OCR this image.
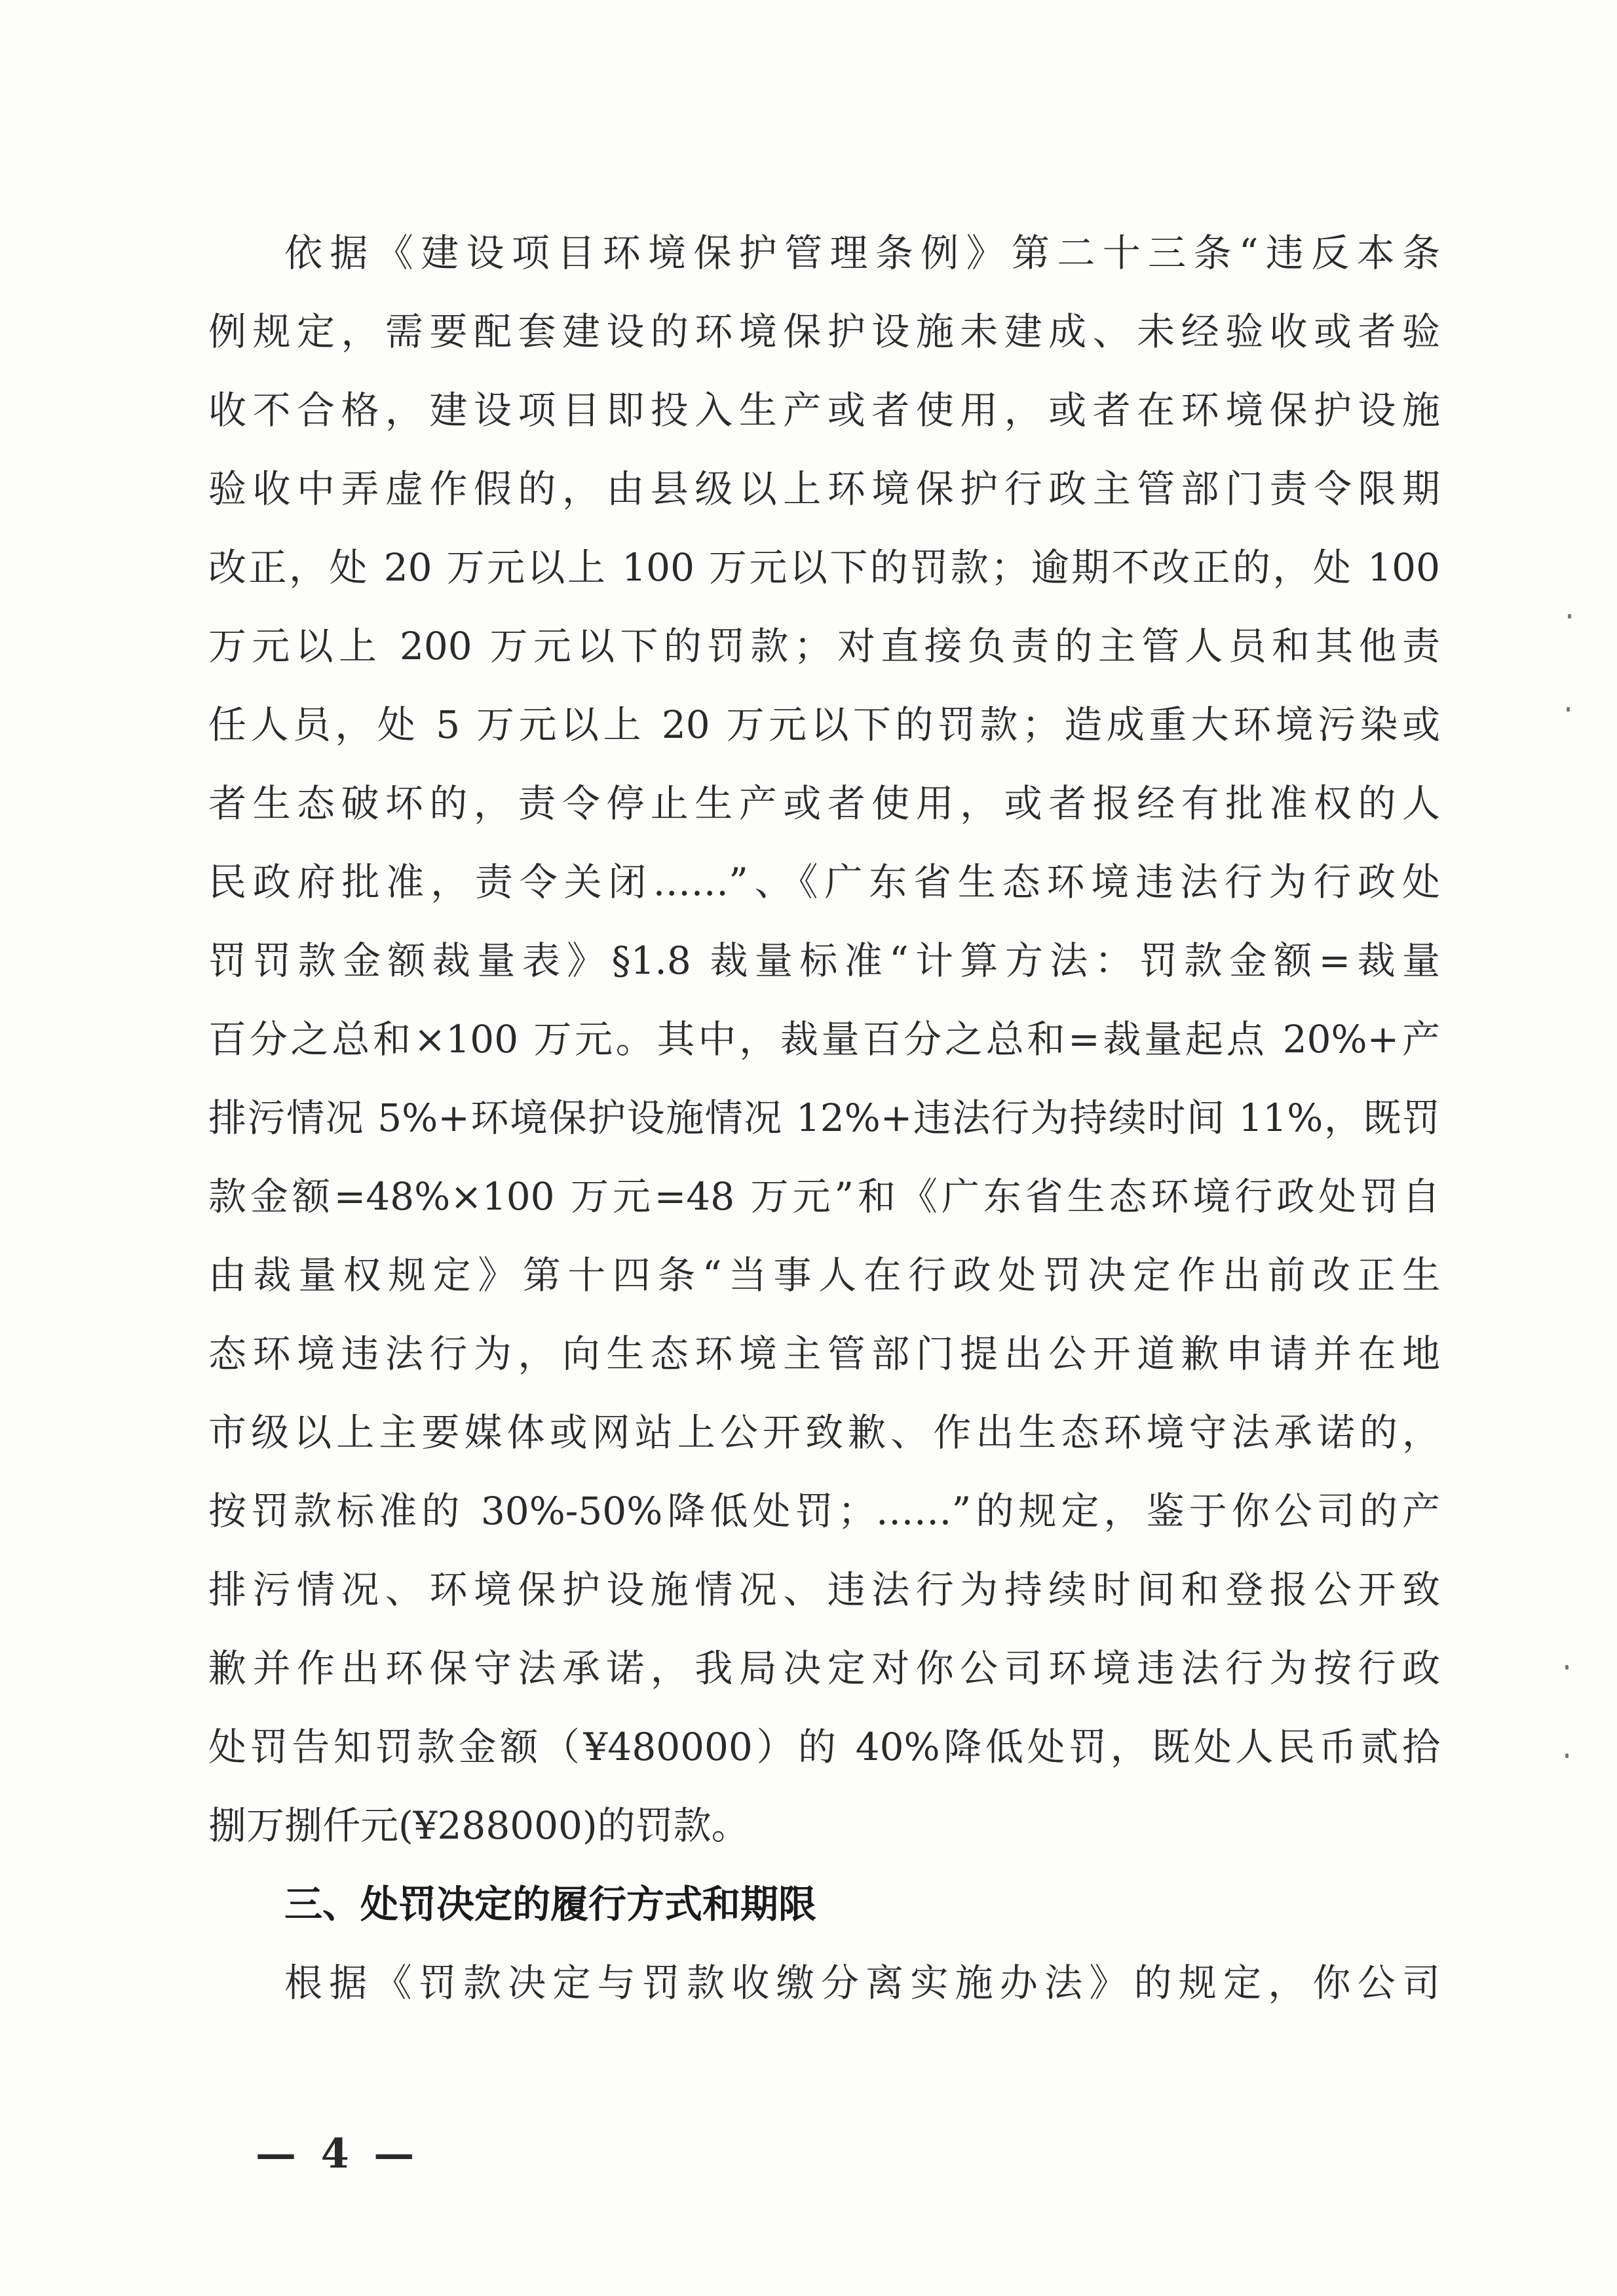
依据《建设项目环境保护管理条例》第二十三条“违反本条
例规定，需要配套建设的环境保护设施未建成、未经验收或者验
收不合格，建设项目即投入生产或者使用，或者在环境保护设施
验收中弄虚作假的，由县级以上环境保护行政主管部门责令限期
改正，处 20 万元以上 100 万元以下的罚款；逾期不改正的，处 100
万元以上 200 万元以下的罚款；对直接负责的主管人员和其他责
任人员，处 5 万元以上 20 万元以下的罚款；造成重大环境污染或
者生态破坏的，责令停止生产或者使用，或者报经有批准权的人
民政府批准，责令关闭……”、《广东省生态环境违法行为行政处
罚罚款金额裁量表》§1.8 裁量标准“计算方法：罚款金额=裁量
百分之总和×100 万元。其中，裁量百分之总和=裁量起点 20%+产
排污情况 5%+环境保护设施情况 12%+违法行为持续时间 11%，既罚
款金额=48%×100 万元=48 万元”和《广东省生态环境行政处罚自
由裁量权规定》第十四条“当事人在行政处罚决定作出前改正生
态环境违法行为，向生态环境主管部门提出公开道歉申请并在地
市级以上主要媒体或网站上公开致歉、作出生态环境守法承诺的，
按罚款标准的 30%-50%降低处罚；……”的规定，鉴于你公司的产
排污情况、环境保护设施情况、违法行为持续时间和登报公开致
歉并作出环保守法承诺，我局决定对你公司环境违法行为按行政
处罚告知罚款金额（¥480000）的 40%降低处罚，既处人民币贰拾
捌万捌仟元(¥288000)的罚款。
三、处罚决定的履行方式和期限
根据《罚款决定与罚款收缴分离实施办法》的规定，你公司
— 4 —
